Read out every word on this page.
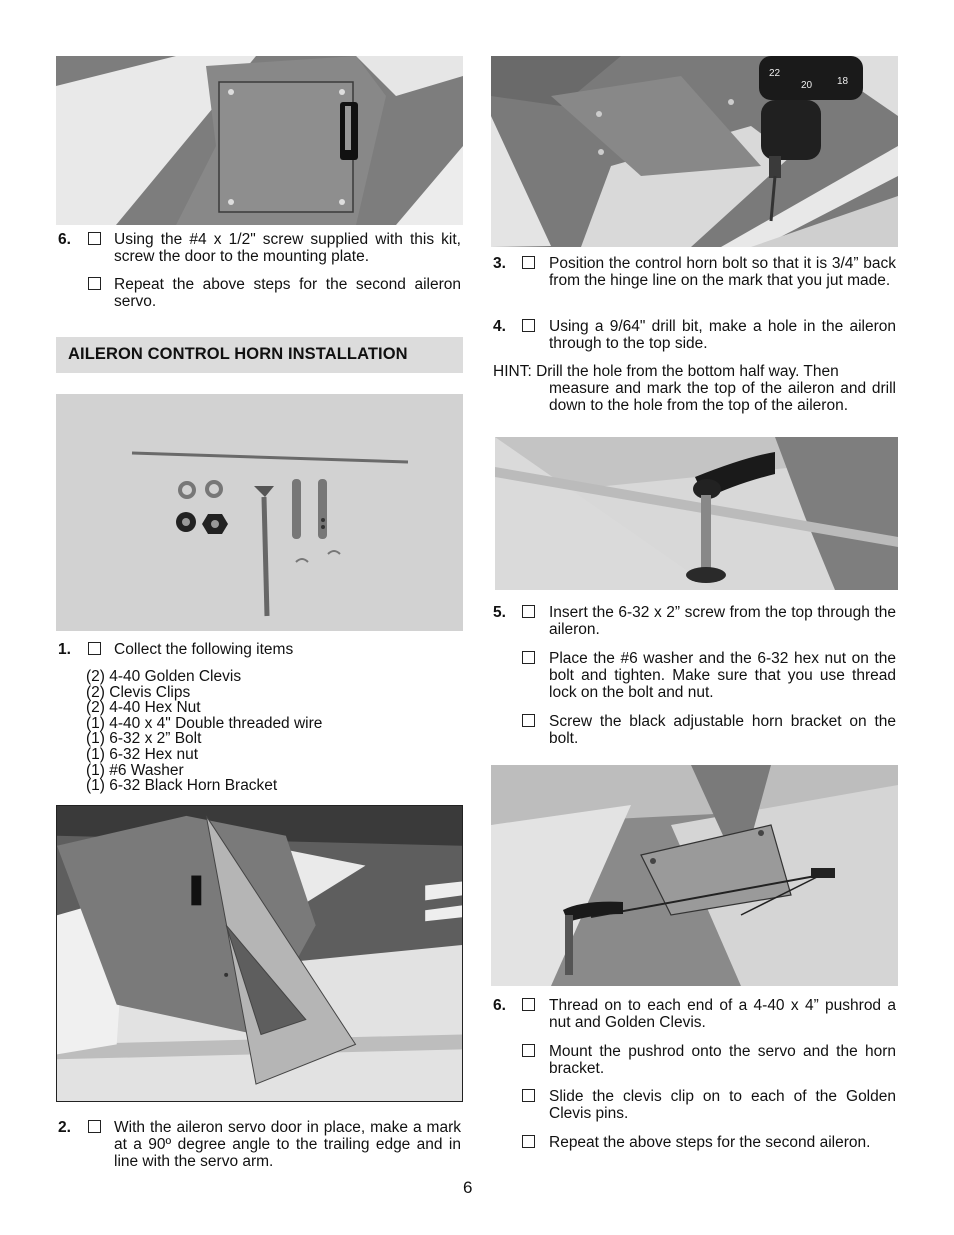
6.	Using the #4 x 1/2" screw supplied with this kit, screw the door to the mounting plate.
Repeat the above steps for the second aileron servo.
AILERON CONTROL HORN INSTALLATION
1.	Collect the following items
(2) 4-40 Golden Clevis
(2) Clevis Clips
(2) 4-40 Hex Nut
(1) 4-40 x 4" Double threaded wire
(1) 6-32 x 2” Bolt
(1) 6-32 Hex nut
(1) #6 Washer
(1) 6-32 Black Horn Bracket
2.	With the aileron servo door in place, make a mark at a 90º degree angle to the trailing edge and in line with the servo arm.
22
20 18
3.	Position the control horn bolt so that it is 3/4” back from the hinge line on the mark that you jut made.
4.	Using a 9/64" drill bit, make a hole in the aileron through to the top side.
HINT: Drill the hole from the bottom half way. Then
measure and mark the top of the aileron and drill down to the hole from the top of the aileron.
5.	Insert the 6-32 x 2” screw from the top through the aileron.
Place the #6 washer and the 6-32 hex nut on the bolt and tighten. Make sure that you use thread lock on the bolt and nut.
Screw the black adjustable horn bracket on the bolt.
6.	Thread on to each end of a 4-40 x 4” pushrod a nut and Golden Clevis.
Mount the pushrod onto the servo and the horn bracket.
Slide the clevis clip on to each of the Golden Clevis pins.
Repeat the above steps for the second aileron.
6
